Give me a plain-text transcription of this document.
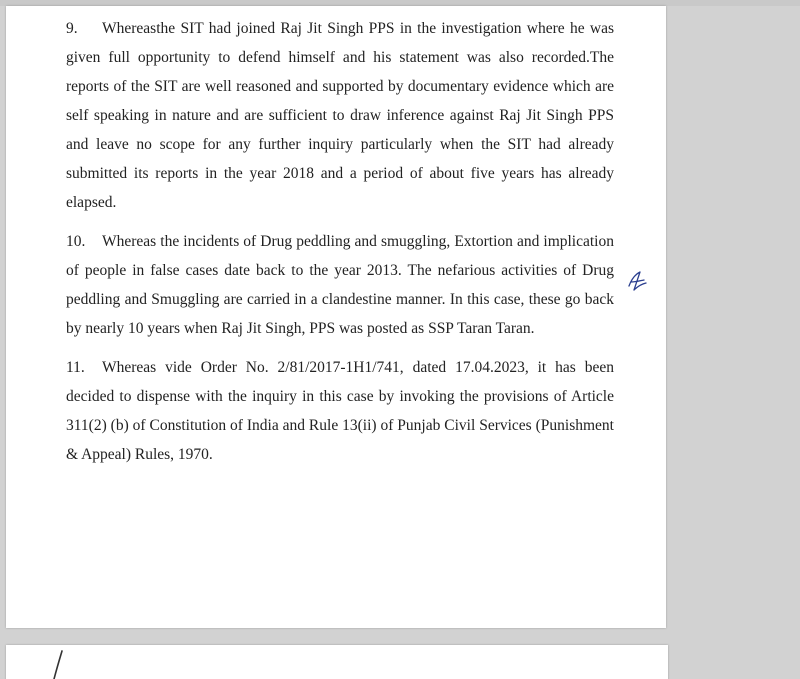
9. Whereasthe SIT had joined Raj Jit Singh PPS in the investigation where he was given full opportunity to defend himself and his statement was also recorded.The reports of the SIT are well reasoned and supported by documentary evidence which are self speaking in nature and are sufficient to draw inference against Raj Jit Singh PPS and leave no scope for any further inquiry particularly when the SIT had already submitted its reports in the year 2018 and a period of about five years has already elapsed.

10. Whereas the incidents of Drug peddling and smuggling, Extortion and implication of people in false cases date back to the year 2013. The nefarious activities of Drug peddling and Smuggling are carried in a clandestine manner. In this case, these go back by nearly 10 years when Raj Jit Singh, PPS was posted as SSP Taran Taran.

11. Whereas vide Order No. 2/81/2017-1H1/741, dated 17.04.2023, it has been decided to dispense with the inquiry in this case by invoking the provisions of Article 311(2) (b) of Constitution of India and Rule 13(ii) of Punjab Civil Services (Punishment & Appeal) Rules, 1970.
